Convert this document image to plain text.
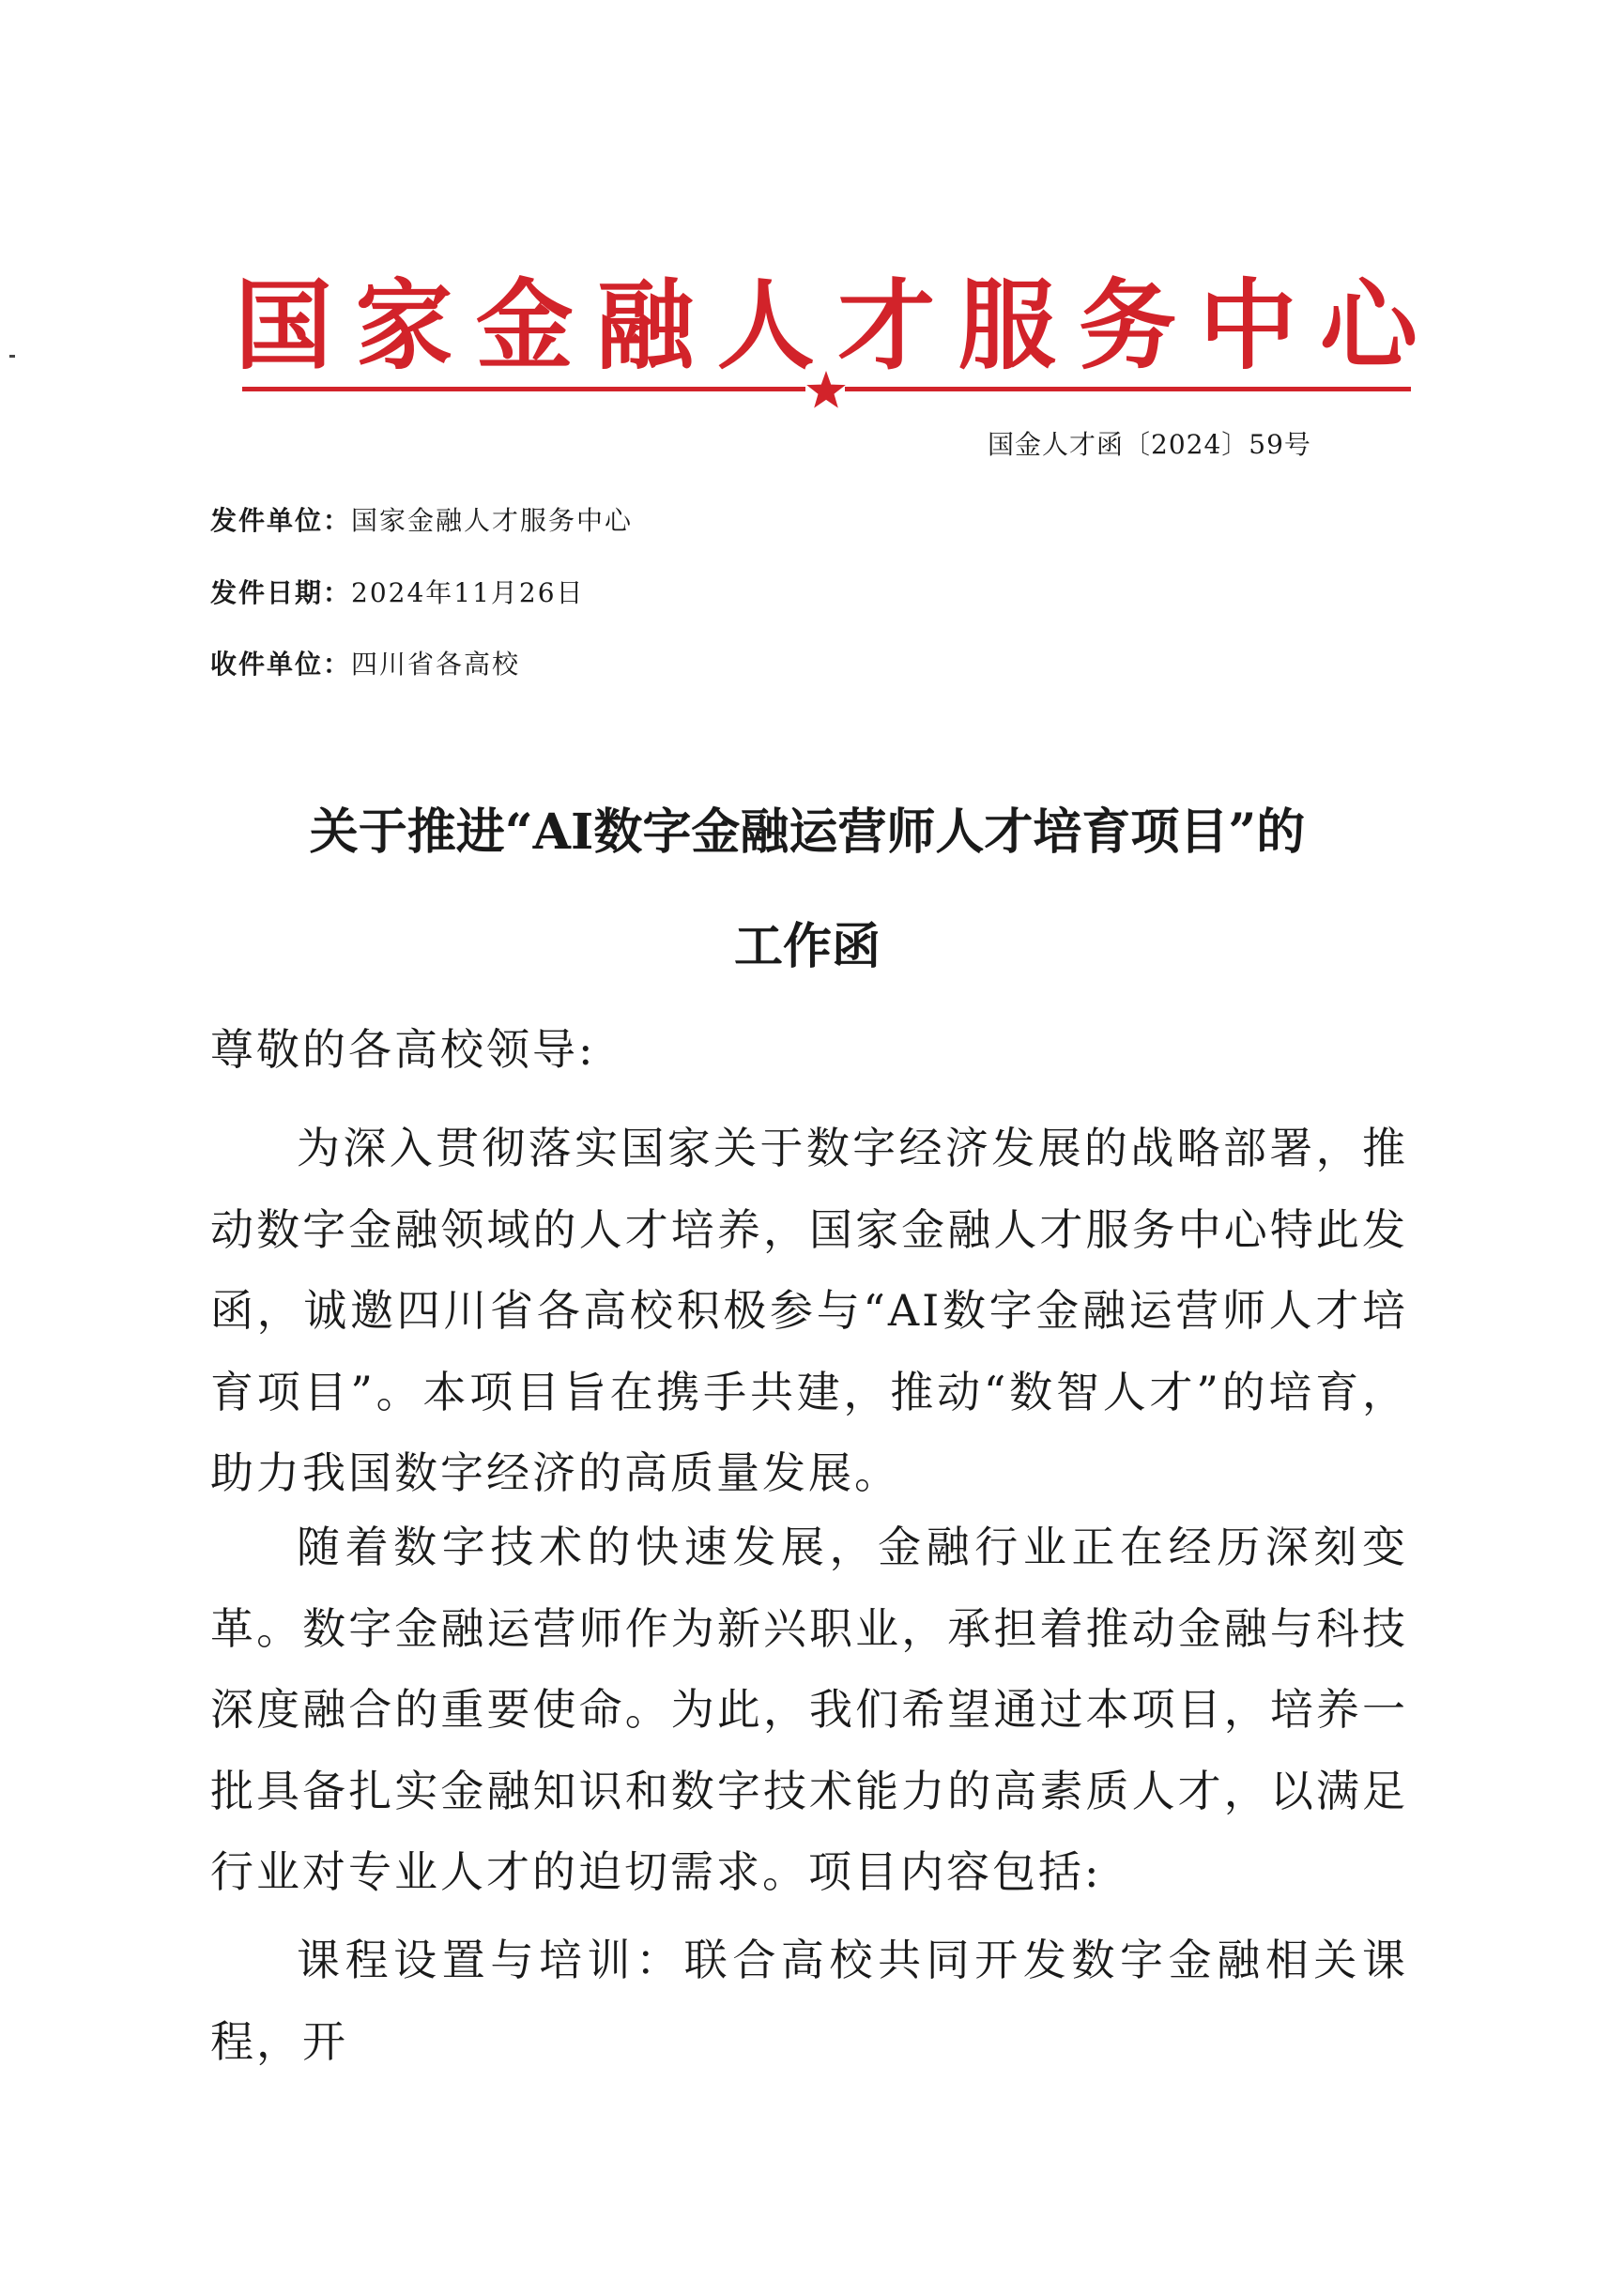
国 家 金 融 人 才 服 务 中 心
国金人才函〔2024〕59号
发件单位：国家金融人才服务中心
发件日期：2024年11月26日
收件单位：四川省各高校
关于推进“AI数字金融运营师人才培育项目”的
工作函
尊敬的各高校领导:
为深入贯彻落实国家关于数字经济发展的战略部署，推动数字金融领域的人才培养，国家金融人才服务中心特此发函，诚邀四川省各高校积极参与“AI数字金融运营师人才培育项目”。本项目旨在携手共建，推动“数智人才”的培育，助力我国数字经济的高质量发展。
随着数字技术的快速发展，金融行业正在经历深刻变革。数字金融运营师作为新兴职业，承担着推动金融与科技深度融合的重要使命。为此，我们希望通过本项目，培养一批具备扎实金融知识和数字技术能力的高素质人才，以满足行业对专业人才的迫切需求。项目内容包括:
课程设置与培训：联合高校共同开发数字金融相关课程，开
